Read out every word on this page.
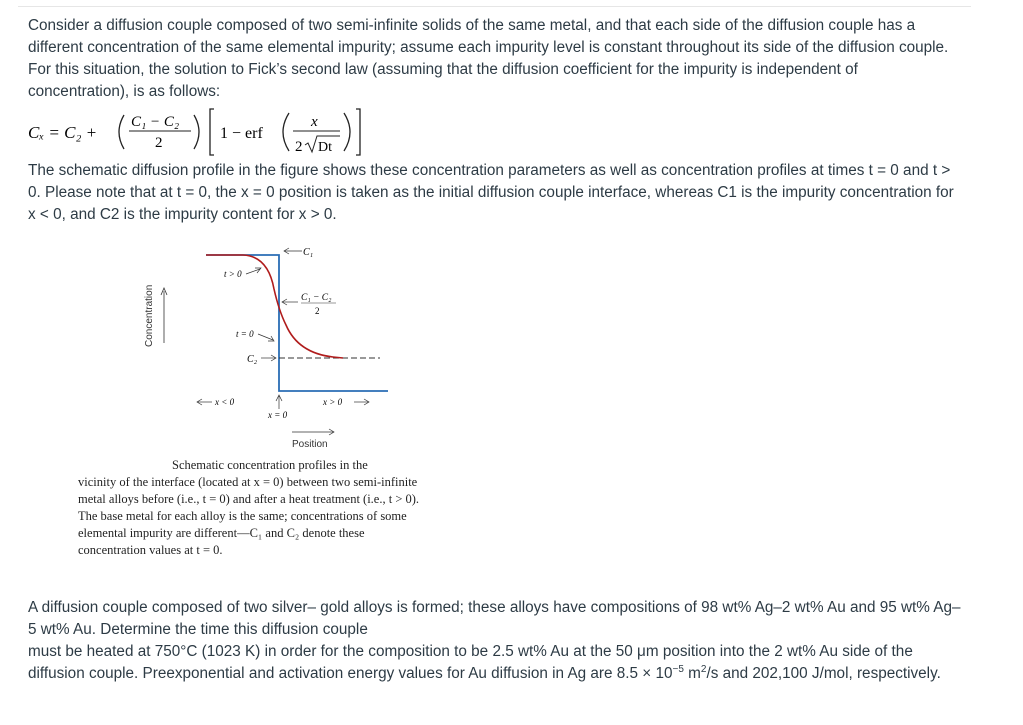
Consider a diffusion couple composed of two semi-infinite solids of the same metal, and that each side of the diffusion couple has a different concentration of the same elemental impurity; assume each impurity level is constant throughout its side of the diffusion couple. For this situation, the solution to Fick’s second law (assuming that the diffusion coefficient for the impurity is independent of concentration), is as follows:

Cₓ = C₂ +
C₁ − C₂
2
1 − erf
x
2 Dt

The schematic diffusion profile in the figure shows these concentration parameters as well as concentration profiles at times t = 0 and t > 0. Please note that at t = 0, the x = 0 position is taken as the initial diffusion couple interface, whereas C1 is the impurity concentration for x < 0, and C2 is the impurity content for x > 0.

Concentration
C₁
t > 0
C₁ − C₂
2
t = 0
C₂
x < 0
x = 0
x > 0
Position

Schematic concentration profiles in the
vicinity of the interface (located at x = 0) between two semi-infinite metal alloys before (i.e., t = 0) and after a heat treatment (i.e., t > 0). The base metal for each alloy is the same; concentrations of some elemental impurity are different—C₁ and C₂ denote these concentration values at t = 0.

A diffusion couple composed of two silver– gold alloys is formed; these alloys have compositions of 98 wt% Ag–2 wt% Au and 95 wt% Ag– 5 wt% Au. Determine the time this diffusion couple
must be heated at 750°C (1023 K) in order for the composition to be 2.5 wt% Au at the 50 μm position into the 2 wt% Au side of the diffusion couple. Preexponential and activation energy values for Au diffusion in Ag are $8.5 \times 10^{-5}$ $m^2/s$ and 202,100 J/mol, respectively.
